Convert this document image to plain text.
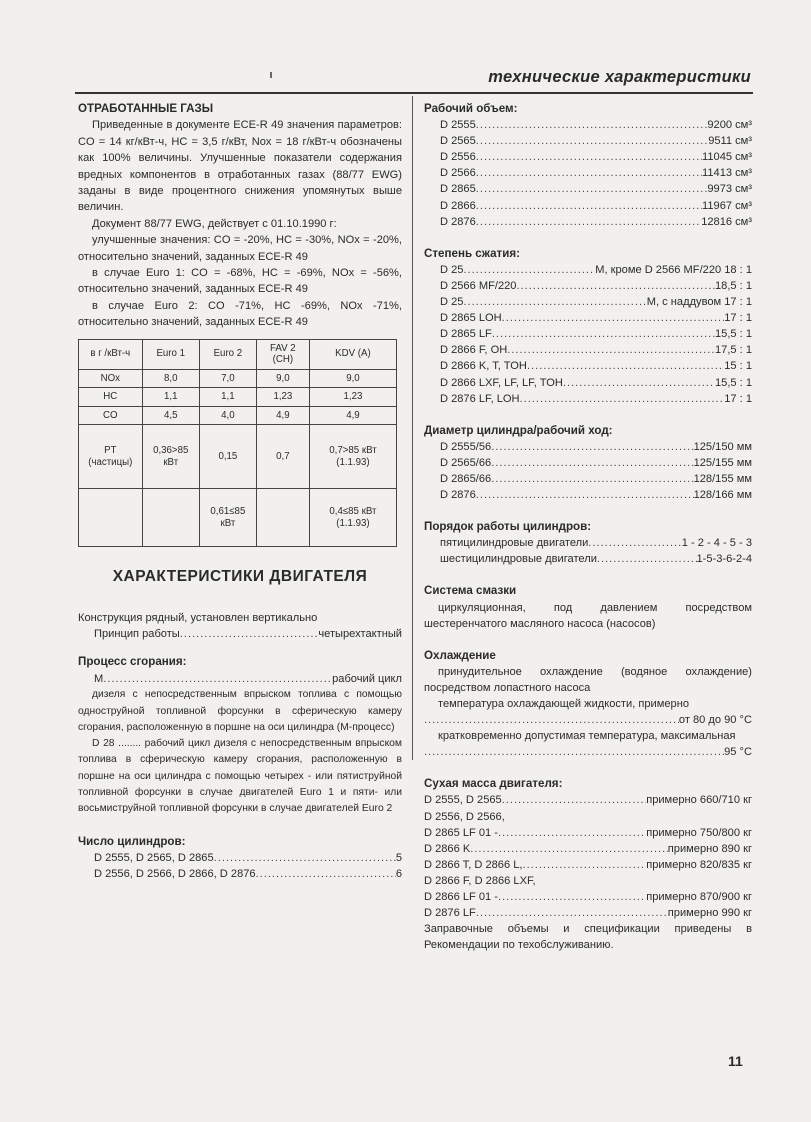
технические характеристики
ОТРАБОТАННЫЕ ГАЗЫ

Приведенные в документе ECE-R 49 значения параметров: CO = 14 кг/кВт-ч, HC = 3,5 г/кВт, Nox = 18 г/кВт-ч обозначены как 100% величины. Улучшенные показатели содержания вредных компонентов в отработанных газах (88/77 EWG) заданы в виде процентного снижения упомянутых выше величин.

Документ 88/77 EWG, действует с 01.10.1990 г:

улучшенные значения: CO = -20%, HC = -30%, NOx = -20%, относительно значений, заданных ECE-R 49

в случае Euro 1: CO = -68%, HC = -69%, NOx = -56%, относительно значений, заданных ECE-R 49

в случае Euro 2: CO -71%, HC -69%, NOx -71%, относительно значений, заданных ECE-R 49

в г /кВт-ч	Euro 1	Euro 2	FAV 2 (CH)	KDV (A)
NOx	8,0	7,0	9,0	9,0
HC	1,1	1,1	1,23	1,23
CO	4,5	4,0	4,9	4,9
PT (частицы)	0,36>85 кВт	0,15	0,7	0,7>85 кВт (1.1.93)
		0,61≤85 кВт		0,4≤85 кВт (1.1.93)
ХАРАКТЕРИСТИКИ ДВИГАТЕЛЯ

Конструкция рядный, установлен вертикально

Принцип работы .....	четырехтактный
Процесс сгорания:
М .....	рабочий цикл

дизеля с непосредственным впрыском топлива с помощью одноструйной топливной форсунки в сферическую камеру сгорания, расположенную в поршне на оси цилиндра (М-процесс)

D 28 ........ рабочий цикл дизеля с непосредственным впрыском топлива в сферическую камеру сгорания, расположенную в поршне на оси цилиндра с помощью четырех - или пятиструйной топливной форсунки в случае двигателей Euro 1 и пяти- или восьмиструйной топливной форсунки в случае двигателей Euro 2

Число цилиндров:
D 2555, D 2565, D 2865 .....	5
D 2556, D 2566, D 2866, D 2876 .....	6
Рабочий объем:
D 2555 .....	9200 см³
D 2565 .....	9511 см³
D 2556 .....	11045 см³
D 2566 .....	11413 см³
D 2865 .....	9973 см³
D 2866 .....	11967 см³
D 2876 .....	12816 см³
Степень сжатия:
D 25 .....	М, кроме D 2566 MF/220 18 : 1
D 2566 MF/220 .....	18,5 : 1
D 25 .....	М, с наддувом 17 : 1
D 2865 LOH .....	17 : 1
D 2865 LF .....	15,5 : 1
D 2866 F, OH .....	17,5 : 1
D 2866 K, T, TOH .....	15 : 1
D 2866 LXF, LF, LF, TOH .....	15,5 : 1
D 2876 LF, LOH .....	17 : 1
Диаметр цилиндра/рабочий ход:
D 2555/56 .....	125/150 мм
D 2565/66 .....	125/155 мм
D 2865/66 .....	128/155 мм
D 2876 .....	128/166 мм
Порядок работы цилиндров:
пятицилиндровые двигатели .....	1 - 2 - 4 - 5 - 3
шестицилиндровые двигатели .....	1-5-3-6-2-4
Система смазки

циркуляционная, под давлением посредством шестеренчатого масляного насоса (насосов)

Охлаждение

принудительное охлаждение (водяное охлаждение) посредством лопастного насоса

температура охлаждающей жидкости, примерно

.....
от 80 до 90 °С

кратковременно допустимая температура, максимальная

.....
95 °С
Сухая масса двигателя:
D 2555, D 2565 .....	примерно 660/710 кг
D 2556, D 2566,
D 2865 LF 01 - .....	примерно 750/800 кг
D 2866 K .....	примерно 890 кг
D 2866 T, D 2866 L, .....	примерно 820/835 кг
D 2866 F, D 2866 LXF,
D 2866 LF 01 - .....	примерно 870/900 кг
D 2876 LF .....	примерно 990 кг

Заправочные объемы и спецификации приведены в Рекомендации по техобслуживанию.

11
